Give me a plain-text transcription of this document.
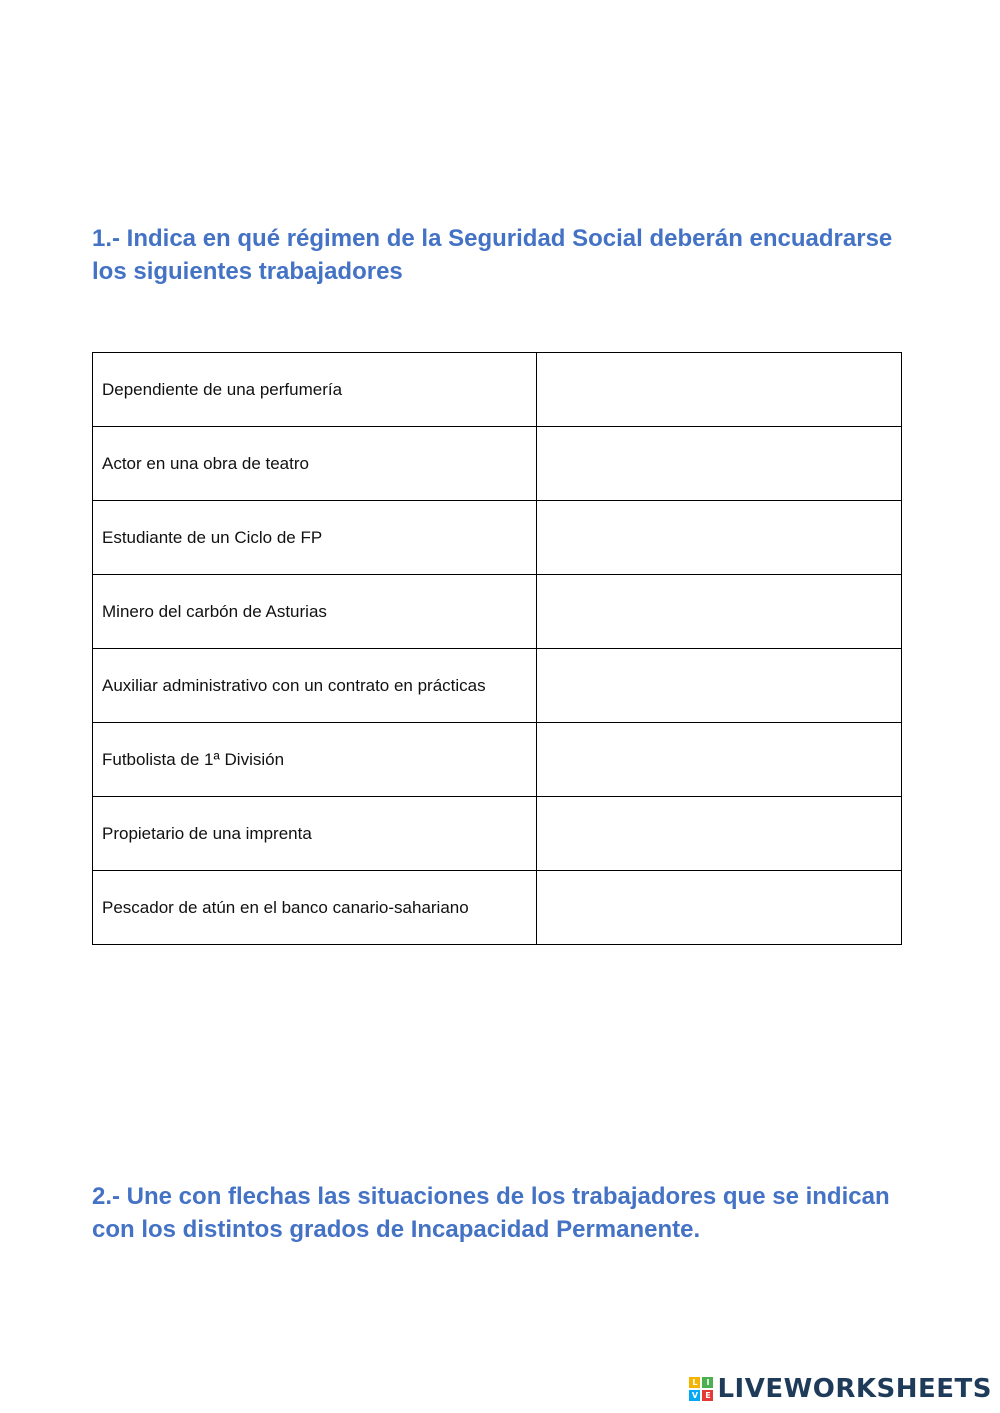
1.- Indica en qué régimen de la Seguridad Social deberán encuadrarse los siguientes trabajadores
Dependiente de una perfumería	
Actor en una obra de teatro	
Estudiante de un Ciclo de FP	
Minero del carbón de Asturias	
Auxiliar administrativo con un contrato en prácticas	
Futbolista de 1ª División	
Propietario de una imprenta	
Pescador de atún en el banco canario-sahariano	
2.- Une con flechas las situaciones de los trabajadores que se indican con los distintos grados de Incapacidad Permanente.
L	I
V E LIVEWORKSHEETS
